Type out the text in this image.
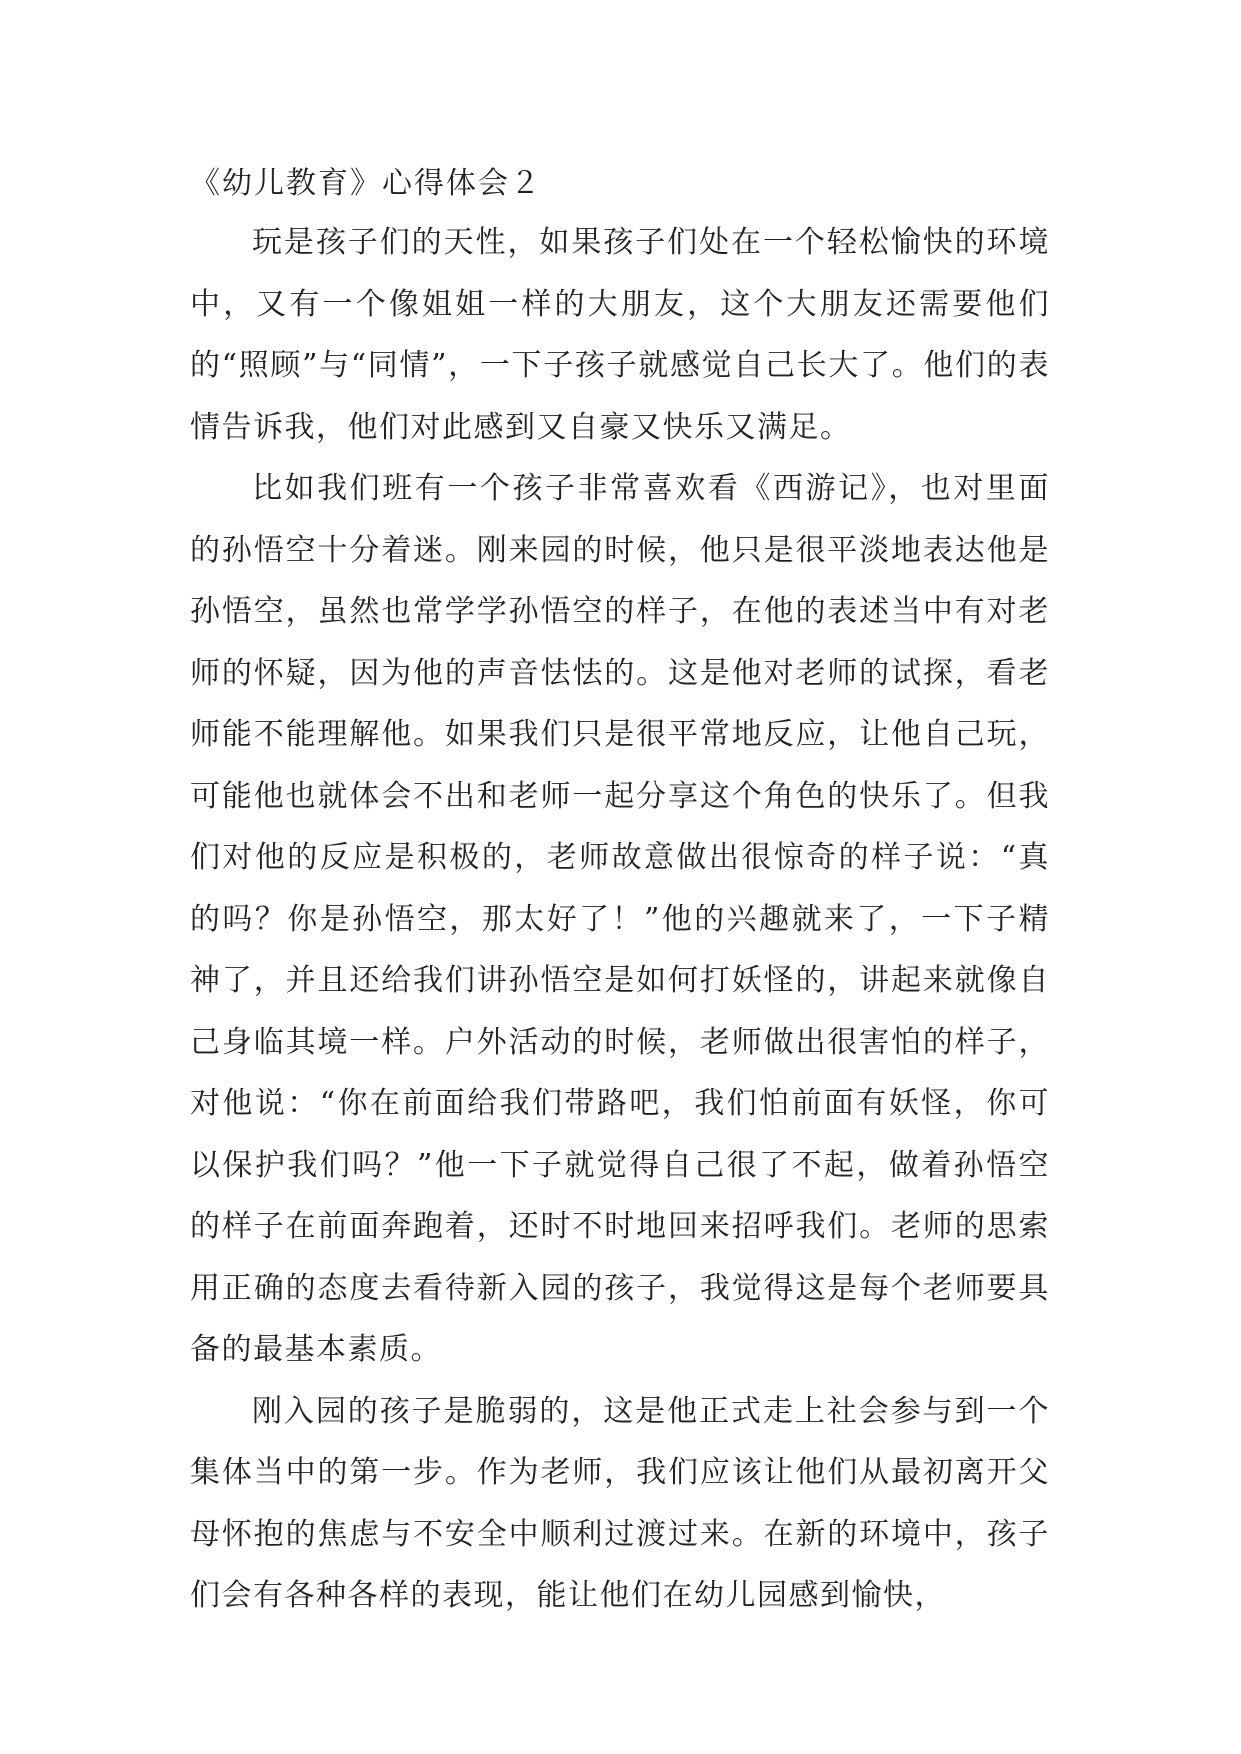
《幼儿教育》心得体会２

玩是孩子们的天性，如果孩子们处在一个轻松愉快的环境中，又有一个像姐姐一样的大朋友，这个大朋友还需要他们的“照顾”与“同情”，一下子孩子就感觉自己长大了。他们的表情告诉我，他们对此感到又自豪又快乐又满足。

比如我们班有一个孩子非常喜欢看《西游记》，也对里面的孙悟空十分着迷。刚来园的时候，他只是很平淡地表达他是孙悟空，虽然也常学学孙悟空的样子，在他的表述当中有对老师的怀疑，因为他的声音怯怯的。这是他对老师的试探，看老师能不能理解他。如果我们只是很平常地反应，让他自己玩，可能他也就体会不出和老师一起分享这个角色的快乐了。但我们对他的反应是积极的，老师故意做出很惊奇的样子说：“真的吗？你是孙悟空，那太好了！”他的兴趣就来了，一下子精神了，并且还给我们讲孙悟空是如何打妖怪的，讲起来就像自己身临其境一样。户外活动的时候，老师做出很害怕的样子，对他说：“你在前面给我们带路吧，我们怕前面有妖怪，你可以保护我们吗？”他一下子就觉得自己很了不起，做着孙悟空的样子在前面奔跑着，还时不时地回来招呼我们。老师的思索用正确的态度去看待新入园的孩子，我觉得这是每个老师要具备的最基本素质。

刚入园的孩子是脆弱的，这是他正式走上社会参与到一个集体当中的第一步。作为老师，我们应该让他们从最初离开父母怀抱的焦虑与不安全中顺利过渡过来。在新的环境中，孩子们会有各种各样的表现，能让他们在幼儿园感到愉快，
